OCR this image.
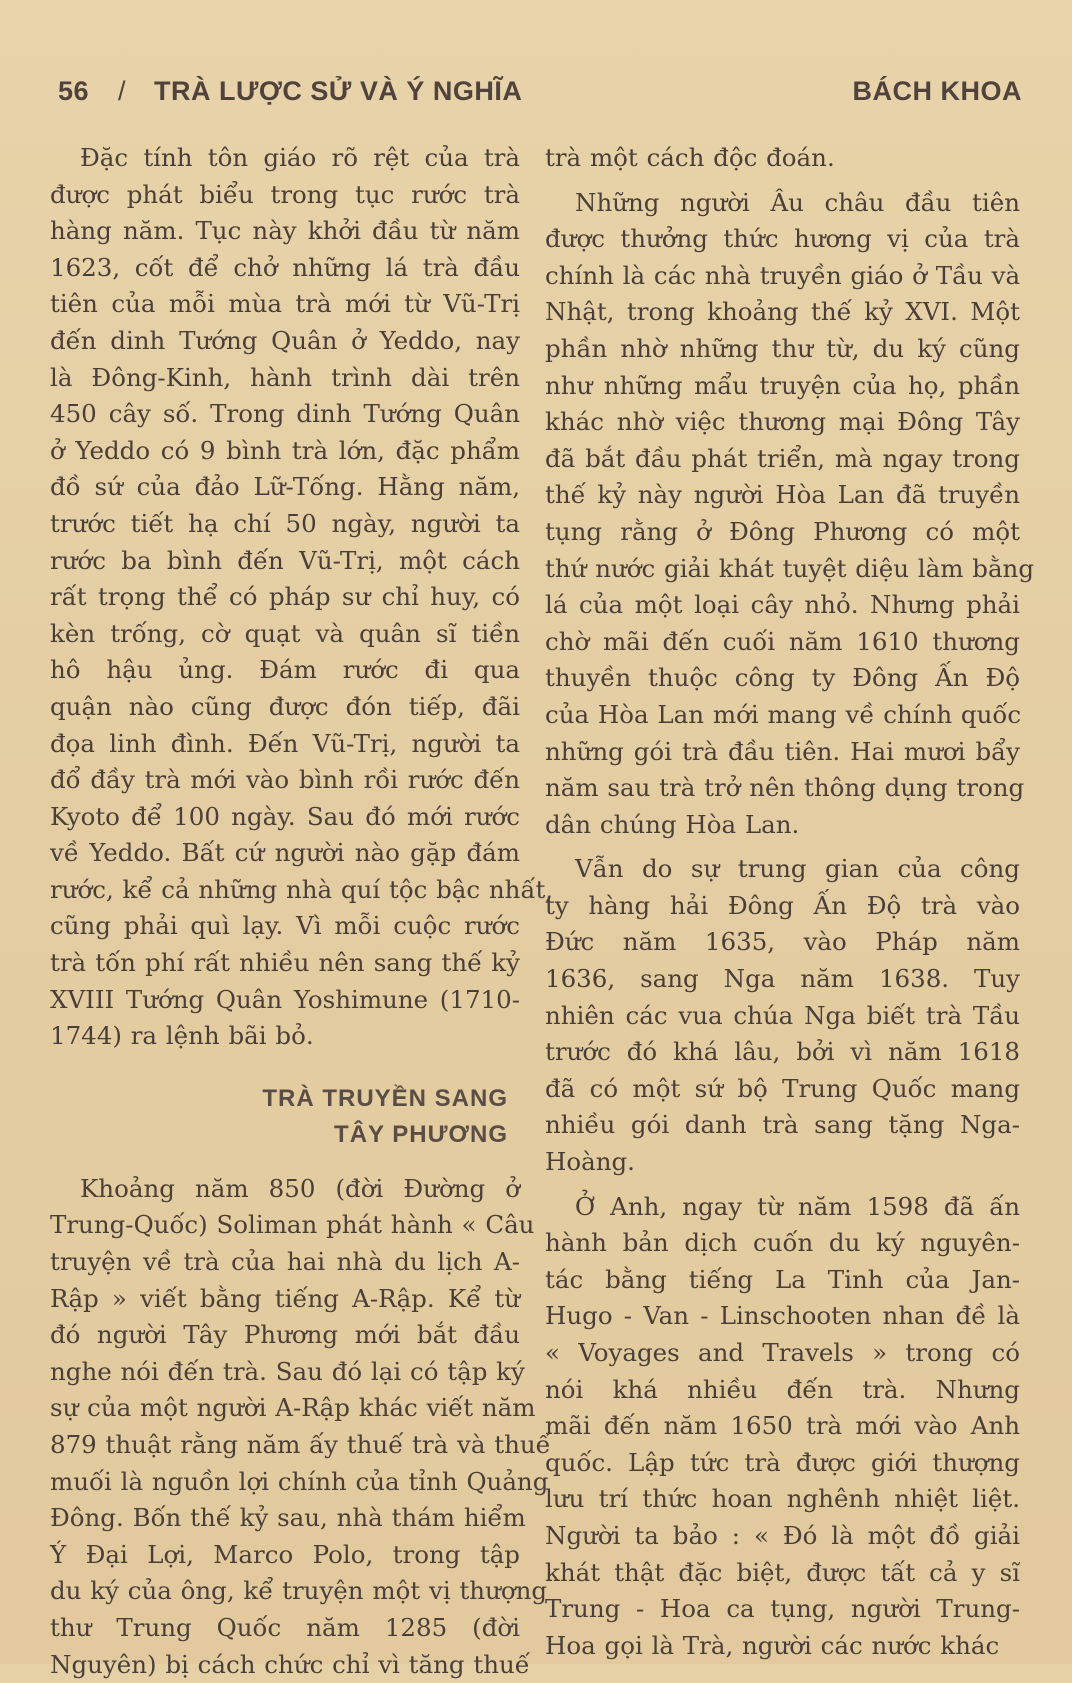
56 / TRÀ LƯỢC SỬ VÀ Ý NGHĨA	BÁCH KHOA
Đặc tính tôn giáo rõ rệt của trà
được phát biểu trong tục rước trà
hàng năm. Tục này khởi đầu từ năm
1623, cốt để chở những lá trà đầu
tiên của mỗi mùa trà mới từ Vũ-Trị
đến dinh Tướng Quân ở Yeddo, nay
là Đông-Kinh, hành trình dài trên
450 cây số. Trong dinh Tướng Quân
ở Yeddo có 9 bình trà lớn, đặc phẩm
đồ sứ của đảo Lữ-Tống. Hằng năm,
trước tiết hạ chí 50 ngày, người ta
rước ba bình đến Vũ-Trị, một cách
rất trọng thể có pháp sư chỉ huy, có
kèn trống, cờ quạt và quân sĩ tiền
hô hậu ủng. Đám rước đi qua
quận nào cũng được đón tiếp, đãi
đọa linh đình. Đến Vũ-Trị, người ta
đổ đầy trà mới vào bình rồi rước đến
Kyoto để 100 ngày. Sau đó mới rước
về Yeddo. Bất cứ người nào gặp đám
rước, kể cả những nhà quí tộc bậc nhất,
cũng phải quì lạy. Vì mỗi cuộc rước
trà tốn phí rất nhiều nên sang thế kỷ
XVIII Tướng Quân Yoshimune (1710-
1744) ra lệnh bãi bỏ.
TRÀ TRUYỀN SANG
TÂY PHƯƠNG
Khoảng năm 850 (đời Đường ở
Trung-Quốc) Soliman phát hành « Câu
truyện về trà của hai nhà du lịch A-
Rập » viết bằng tiếng A-Rập. Kể từ
đó người Tây Phương mới bắt đầu
nghe nói đến trà. Sau đó lại có tập ký
sự của một người A-Rập khác viết năm
879 thuật rằng năm ấy thuế trà và thuế
muối là nguồn lợi chính của tỉnh Quảng
Đông. Bốn thế kỷ sau, nhà thám hiểm
Ý Đại Lợi, Marco Polo, trong tập
du ký của ông, kể truyện một vị thượng
thư Trung Quốc năm 1285 (đời
Nguyên) bị cách chức chỉ vì tăng thuế
trà một cách độc đoán.
Những người Âu châu đầu tiên
được thưởng thức hương vị của trà
chính là các nhà truyền giáo ở Tầu và
Nhật, trong khoảng thế kỷ XVI. Một
phần nhờ những thư từ, du ký cũng
như những mẩu truyện của họ, phần
khác nhờ việc thương mại Đông Tây
đã bắt đầu phát triển, mà ngay trong
thế kỷ này người Hòa Lan đã truyền
tụng rằng ở Đông Phương có một
thứ nước giải khát tuyệt diệu làm bằng
lá của một loại cây nhỏ. Nhưng phải
chờ mãi đến cuối năm 1610 thương
thuyền thuộc công ty Đông Ấn Độ
của Hòa Lan mới mang về chính quốc
những gói trà đầu tiên. Hai mươi bẩy
năm sau trà trở nên thông dụng trong
dân chúng Hòa Lan.
Vẫn do sự trung gian của công
ty hàng hải Đông Ấn Độ trà vào
Đức năm 1635, vào Pháp năm
1636, sang Nga năm 1638. Tuy
nhiên các vua chúa Nga biết trà Tầu
trước đó khá lâu, bởi vì năm 1618
đã có một sứ bộ Trung Quốc mang
nhiều gói danh trà sang tặng Nga-
Hoàng.
Ở Anh, ngay từ năm 1598 đã ấn
hành bản dịch cuốn du ký nguyên-
tác bằng tiếng La Tinh của Jan-
Hugo - Van - Linschooten nhan đề là
« Voyages and Travels » trong có
nói khá nhiều đến trà. Nhưng
mãi đến năm 1650 trà mới vào Anh
quốc. Lập tức trà được giới thượng
lưu trí thức hoan nghênh nhiệt liệt.
Người ta bảo : « Đó là một đồ giải
khát thật đặc biệt, được tất cả y sĩ
Trung - Hoa ca tụng, người Trung-
Hoa gọi là Trà, người các nước khác
